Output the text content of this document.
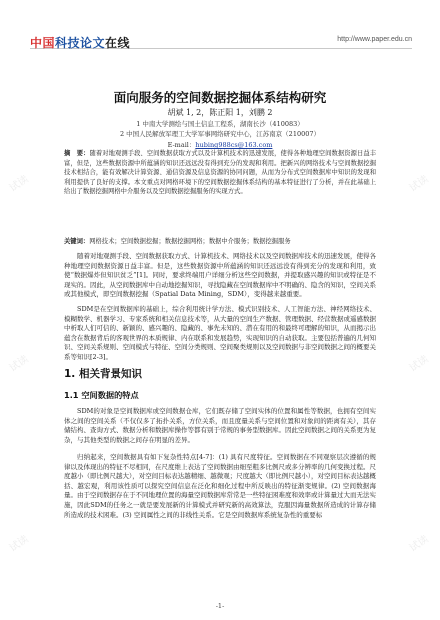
中国科技论文在线	http://www.paper.edu.cn
面向服务的空间数据挖掘体系结构研究
胡斌 1, 2，陈正阳 1，刘鹏 2
1 中南大学测绘与国土信息工程系，湖南长沙（410083）
2 中国人民解放军理工大学军事网络研究中心，江苏南京（210007）
E-mail：hubing988cs@163.com
摘　要：随着对地观测手段、空间数据获取方式以及计算机技术的迅速发展，使得各种地理空间数据资源日益丰富，但是，这些数据资源中所蕴涵的知识还远远没有得到充分的发现和利用。把新兴的网络技术与空间数据挖掘技术相结合，能有效解决计算资源、通信资源及信息资源的协同问题，从而为分布式空间数据库中知识的发现和利用提供了良好的支撑。本文重点对网格环境下的空间数据挖掘体系结构的基本特征进行了分析，并在此基础上给出了数据挖掘网格中介服务以及空间数据挖掘服务的实现方式。
关键词：网格技术；空间数据挖掘；数据挖掘网格；数据中介服务；数据挖掘服务
随着对地观测手段、空间数据获取方式、计算机技术、网络技术以及空间数据库技术的迅速发展，使得各种地理空间数据资源日益丰富。但是，这些数据资源中所蕴涵的知识还远远没有得到充分的发现和利用，致使“数据爆炸但知识贫乏”[1]。同时，要求终端用户详细分析这些空间数据，并提取感兴趣的知识或特征是不现实的。因此，从空间数据库中自动地挖掘知识，寻找隐藏在空间数据库中不明确的、隐含的知识，空间关系或其他模式，即空间数据挖掘（Spatial Data Mining，SDM），变得越来越重要。
SDM是在空间数据库的基础上，综合利用统计学方法、模式识别技术、人工智能方法、神经网络技术、模糊数学、机器学习、专家系统和相关信息技术等，从大量的空间生产数据、管理数据、经营数据或遥感数据中析取人们可信的、新颖的、感兴趣的、隐藏的、事先未知的、潜在有用的和最终可理解的知识，从而揭示出蕴含在数据背后的客观世界的本质规律、内在联系和发展趋势，实现知识的自动获取。主要包括普遍的几何知识、空间关系规则、空间模式与特征、空间分类规则、空间聚类规则以及空间数据与非空间数据之间的概要关系等知识[2-3]。
1. 相关背景知识
1.1 空间数据的特点
SDM的对象是空间数据库或空间数据仓库，它们既存储了空间实体的位置和属性等数据，也拥有空间实体之间的空间关系（不仅仅多了拓扑关系，方位关系，而且度量关系与空间位置和对象间的距离有关），其存储结构、查询方式、数据分析和数据库操作等都有别于常规的事务型数据库。因此空间数据之间的关系更为复杂，与其他类型的数据之间存在明显的差异。
归纳起来，空间数据具有如下复杂性特点[4-7]：(1) 具有尺度特征。空间数据在不同观察层次遵循的规律以及体现出的特征不尽相同，在尺度维上表达了空间数据由细至粗多比例尺或多分辨率的几何变换过程。尺度越小（即比例尺越大），对空间目标表达越精细、越微观；尺度越大（即比例尺越小），对空间目标表达越概括、越宏观，利用该性质可以探究空间信息在泛化和细化过程中所反映出的特征渐变规律。(2) 空间数据海量。由于空间数据存在于不同地理位置的海量空间数据库常常是一些特征困难度和效率或计算量过大而无法实施，因此SDM的任务之一就是要发展新的计算模式并研究新的高效算法，克服因海量数据所造成的计算存储所造成的技术困难。(3) 空间属性之间的非线性关系。它是空间数据库系统复杂性的重要标
-1-
试读	试读
试读	试读
试读	试读
